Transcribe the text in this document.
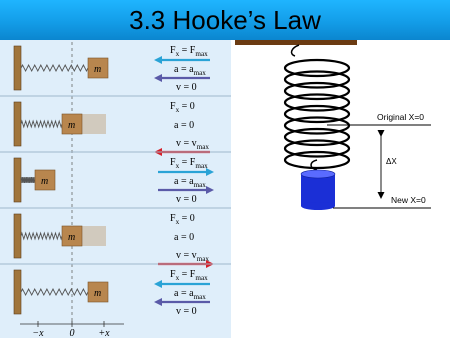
3.3 Hooke’s Law
m
$F_x = F_{max}$
$a = a_{max}$
v = 0
m
$F_x = 0$
a = 0
$v = v_{max}$
m
$F_x = F_{max}$
$a = a_{max}$
v = 0
m
$F_x = 0$
a = 0
$v = v_{max}$
m
$F_x = F_{max}$
$a = a_{max}$
v = 0
−x	0 +x
Original X=0
New X=0
ΔX
